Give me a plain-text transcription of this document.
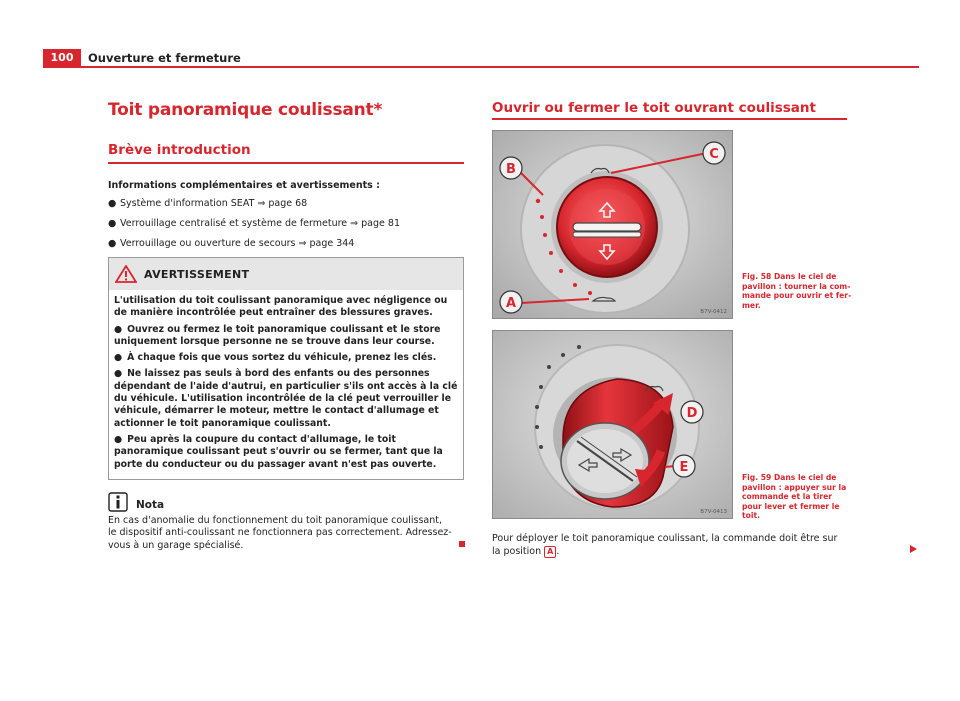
100	Ouverture et fermeture
Toit panoramique coulissant*
Brève introduction
Informations complémentaires et avertissements :
● Système d'information SEAT ⇒ page 68
● Verrouillage centralisé et système de fermeture ⇒ page 81
● Verrouillage ou ouverture de secours ⇒ page 344
AVERTISSEMENT

L'utilisation du toit coulissant panoramique avec négligence ou de manière incontrôlée peut entraîner des blessures graves.

● Ouvrez ou fermez le toit panoramique coulissant et le store uniquement lorsque personne ne se trouve dans leur course.

● À chaque fois que vous sortez du véhicule, prenez les clés.

● Ne laissez pas seuls à bord des enfants ou des personnes dépendant de l'aide d'autrui, en particulier s'ils ont accès à la clé du véhicule. L'utilisation incontrôlée de la clé peut verrouiller le véhicule, démarrer le moteur, mettre le contact d'allumage et actionner le toit panoramique coulissant.

● Peu après la coupure du contact d'allumage, le toit panoramique coulissant peut s'ouvrir ou se fermer, tant que la porte du conducteur ou du passager avant n'est pas ouverte.

Nota
En cas d'anomalie du fonctionnement du toit panoramique coulissant, le dispositif anti-coulissant ne fonctionnera pas correctement. Adressez-vous à un garage spécialisé.
Ouvrir ou fermer le toit ouvrant coulissant
B
C
A
B7V-0412
Fig. 58 Dans le ciel de pavillon : tourner la commande pour ouvrir et fermer.
D
E
B7V-0413
Fig. 59 Dans le ciel de pavillon : appuyer sur la commande et la tirer pour lever et fermer le toit.
Pour déployer le toit panoramique coulissant, la commande doit être sur la position A .
